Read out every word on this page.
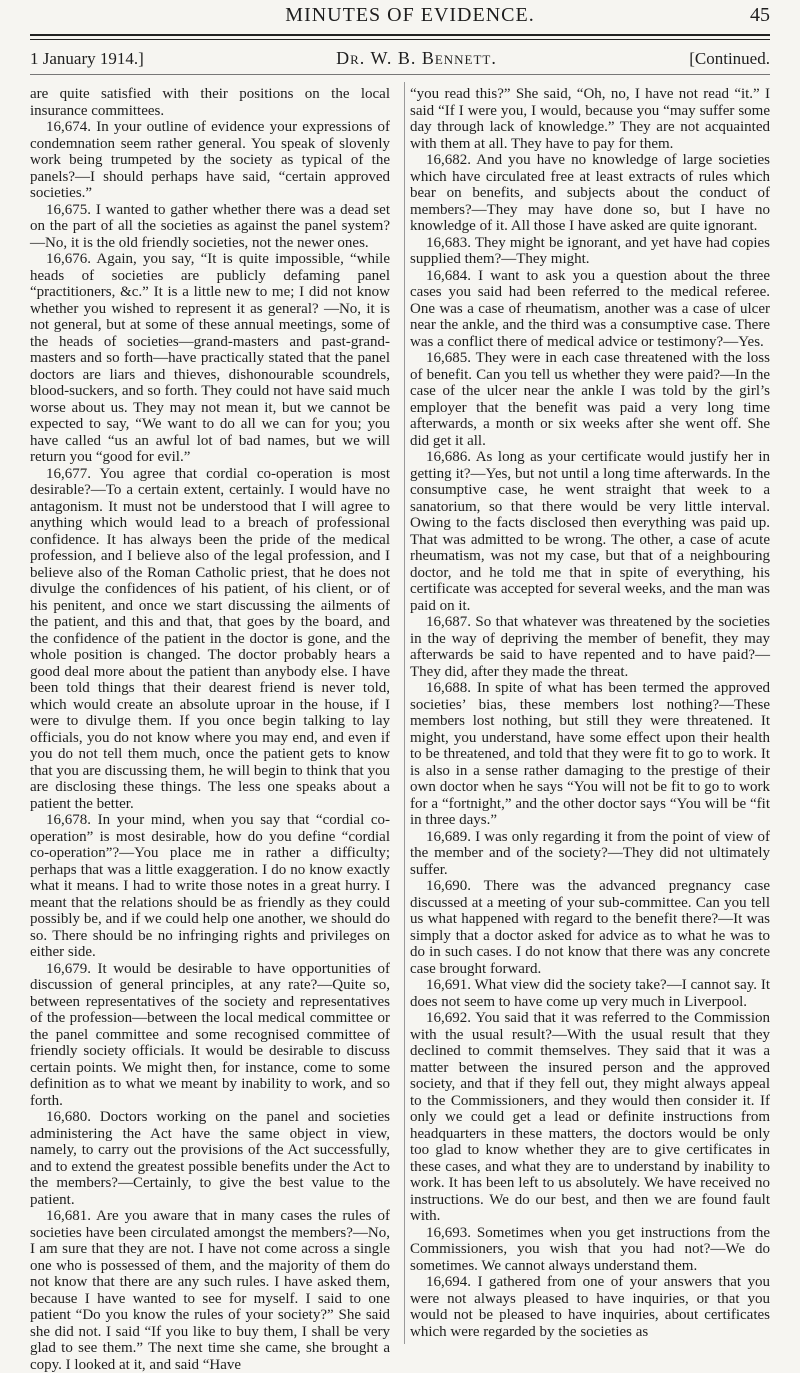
MINUTES OF EVIDENCE.	45
1 January 1914.]	Dr. W. B. Bennett.	[Continued.

are quite satisfied with their positions on the local insurance committees.

16,674. In your outline of evidence your expressions of condemnation seem rather general. You speak of slovenly work being trumpeted by the society as typical of the panels?—I should perhaps have said, “certain approved societies.”

16,675. I wanted to gather whether there was a dead set on the part of all the societies as against the panel system?—No, it is the old friendly societies, not the newer ones.

16,676. Again, you say, “It is quite impossible, “while heads of societies are publicly defaming panel “practitioners, &c.” It is a little new to me; I did not know whether you wished to represent it as general? —No, it is not general, but at some of these annual meetings, some of the heads of societies—grand-masters and past-grand-masters and so forth—have practically stated that the panel doctors are liars and thieves, dishonourable scoundrels, blood-suckers, and so forth. They could not have said much worse about us. They may not mean it, but we cannot be expected to say, “We want to do all we can for you; you have called “us an awful lot of bad names, but we will return you “good for evil.”

16,677. You agree that cordial co-operation is most desirable?—To a certain extent, certainly. I would have no antagonism. It must not be understood that I will agree to anything which would lead to a breach of professional confidence. It has always been the pride of the medical profession, and I believe also of the legal profession, and I believe also of the Roman Catholic priest, that he does not divulge the confidences of his patient, of his client, or of his penitent, and once we start discussing the ailments of the patient, and this and that, that goes by the board, and the confidence of the patient in the doctor is gone, and the whole position is changed. The doctor probably hears a good deal more about the patient than anybody else. I have been told things that their dearest friend is never told, which would create an absolute uproar in the house, if I were to divulge them. If you once begin talking to lay officials, you do not know where you may end, and even if you do not tell them much, once the patient gets to know that you are discussing them, he will begin to think that you are disclosing these things. The less one speaks about a patient the better.

16,678. In your mind, when you say that “cordial co-operation” is most desirable, how do you define “cordial co-operation”?—You place me in rather a difficulty; perhaps that was a little exaggeration. I do no know exactly what it means. I had to write those notes in a great hurry. I meant that the relations should be as friendly as they could possibly be, and if we could help one another, we should do so. There should be no infringing rights and privileges on either side.

16,679. It would be desirable to have opportunities of discussion of general principles, at any rate?—Quite so, between representatives of the society and representatives of the profession—between the local medical committee or the panel committee and some recognised committee of friendly society officials. It would be desirable to discuss certain points. We might then, for instance, come to some definition as to what we meant by inability to work, and so forth.

16,680. Doctors working on the panel and societies administering the Act have the same object in view, namely, to carry out the provisions of the Act successfully, and to extend the greatest possible benefits under the Act to the members?—Certainly, to give the best value to the patient.

16,681. Are you aware that in many cases the rules of societies have been circulated amongst the members?—No, I am sure that they are not. I have not come across a single one who is possessed of them, and the majority of them do not know that there are any such rules. I have asked them, because I have wanted to see for myself. I said to one patient “Do you know the rules of your society?” She said she did not. I said “If you like to buy them, I shall be very glad to see them.” The next time she came, she brought a copy. I looked at it, and said “Have

“you read this?” She said, “Oh, no, I have not read “it.” I said “If I were you, I would, because you “may suffer some day through lack of knowledge.” They are not acquainted with them at all. They have to pay for them.

16,682. And you have no knowledge of large societies which have circulated free at least extracts of rules which bear on benefits, and subjects about the conduct of members?—They may have done so, but I have no knowledge of it. All those I have asked are quite ignorant.

16,683. They might be ignorant, and yet have had copies supplied them?—They might.

16,684. I want to ask you a question about the three cases you said had been referred to the medical referee. One was a case of rheumatism, another was a case of ulcer near the ankle, and the third was a consumptive case. There was a conflict there of medical advice or testimony?—Yes.

16,685. They were in each case threatened with the loss of benefit. Can you tell us whether they were paid?—In the case of the ulcer near the ankle I was told by the girl’s employer that the benefit was paid a very long time afterwards, a month or six weeks after she went off. She did get it all.

16,686. As long as your certificate would justify her in getting it?—Yes, but not until a long time afterwards. In the consumptive case, he went straight that week to a sanatorium, so that there would be very little interval. Owing to the facts disclosed then everything was paid up. That was admitted to be wrong. The other, a case of acute rheumatism, was not my case, but that of a neighbouring doctor, and he told me that in spite of everything, his certificate was accepted for several weeks, and the man was paid on it.

16,687. So that whatever was threatened by the societies in the way of depriving the member of benefit, they may afterwards be said to have repented and to have paid?—They did, after they made the threat.

16,688. In spite of what has been termed the approved societies’ bias, these members lost nothing?—These members lost nothing, but still they were threatened. It might, you understand, have some effect upon their health to be threatened, and told that they were fit to go to work. It is also in a sense rather damaging to the prestige of their own doctor when he says “You will not be fit to go to work for a “fortnight,” and the other doctor says “You will be “fit in three days.”

16,689. I was only regarding it from the point of view of the member and of the society?—They did not ultimately suffer.

16,690. There was the advanced pregnancy case discussed at a meeting of your sub-committee. Can you tell us what happened with regard to the benefit there?—It was simply that a doctor asked for advice as to what he was to do in such cases. I do not know that there was any concrete case brought forward.

16,691. What view did the society take?—I cannot say. It does not seem to have come up very much in Liverpool.

16,692. You said that it was referred to the Commission with the usual result?—With the usual result that they declined to commit themselves. They said that it was a matter between the insured person and the approved society, and that if they fell out, they might always appeal to the Commissioners, and they would then consider it. If only we could get a lead or definite instructions from headquarters in these matters, the doctors would be only too glad to know whether they are to give certificates in these cases, and what they are to understand by inability to work. It has been left to us absolutely. We have received no instructions. We do our best, and then we are found fault with.

16,693. Sometimes when you get instructions from the Commissioners, you wish that you had not?—We do sometimes. We cannot always understand them.

16,694. I gathered from one of your answers that you were not always pleased to have inquiries, or that you would not be pleased to have inquiries, about certificates which were regarded by the societies as
